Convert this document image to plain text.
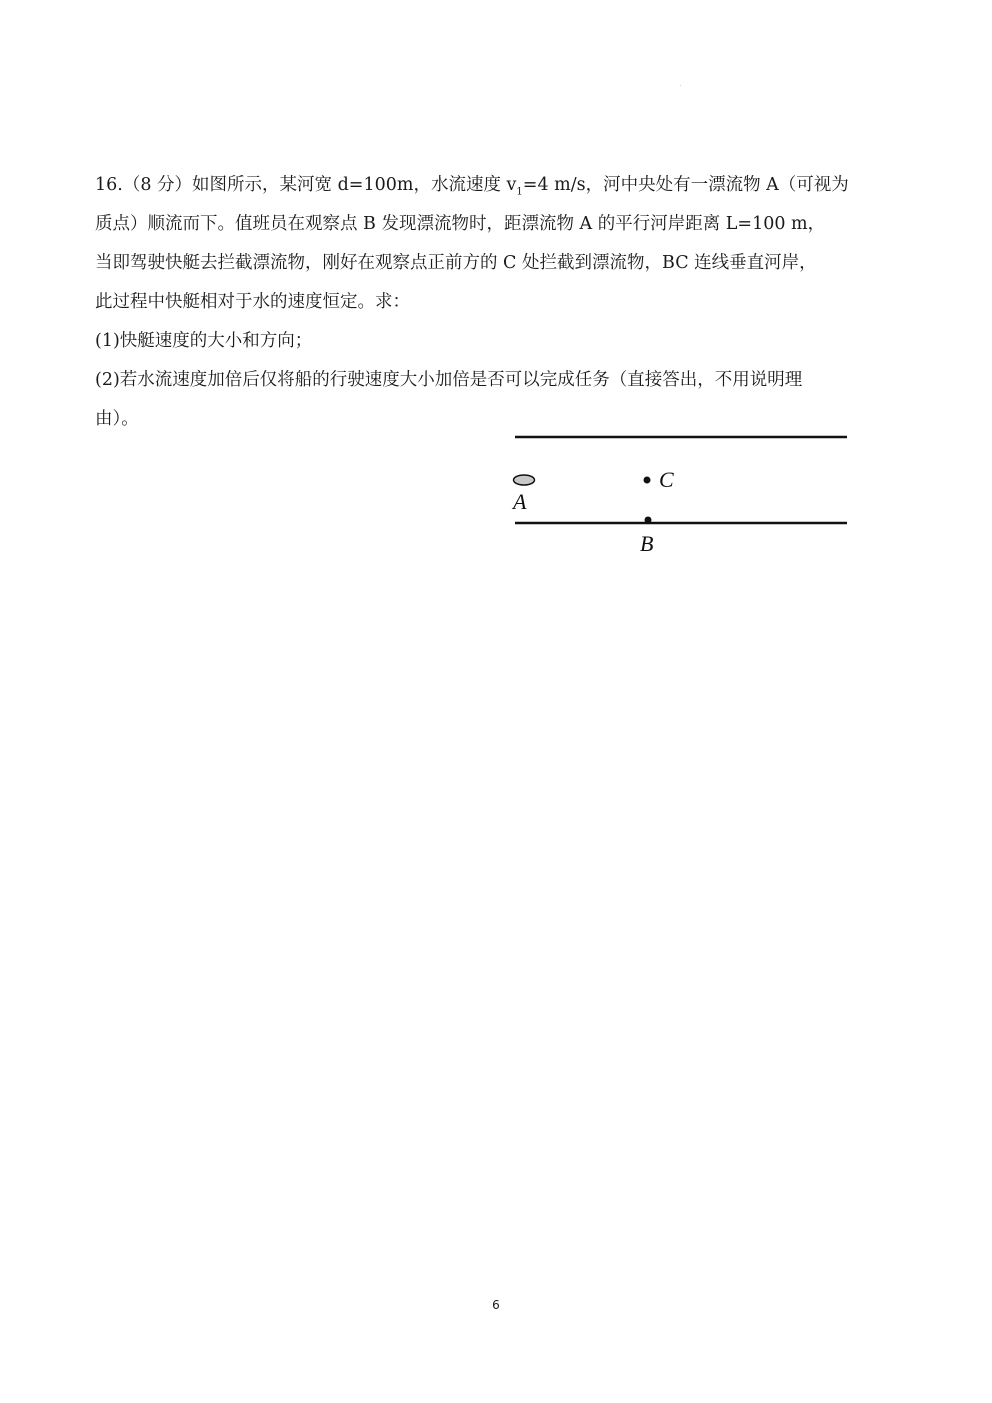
16.（8 分）如图所示，某河宽 d=100m，水流速度 $v_1=4$ m/s，河中央处有一漂流物 A（可视为

质点）顺流而下。值班员在观察点 B 发现漂流物时，距漂流物 A 的平行河岸距离 L=100 m，

当即驾驶快艇去拦截漂流物，刚好在观察点正前方的 C 处拦截到漂流物，BC 连线垂直河岸，

此过程中快艇相对于水的速度恒定。求：

(1)快艇速度的大小和方向；

(2)若水流速度加倍后仅将船的行驶速度大小加倍是否可以完成任务（直接答出，不用说明理

由）。

A
C
B
6
